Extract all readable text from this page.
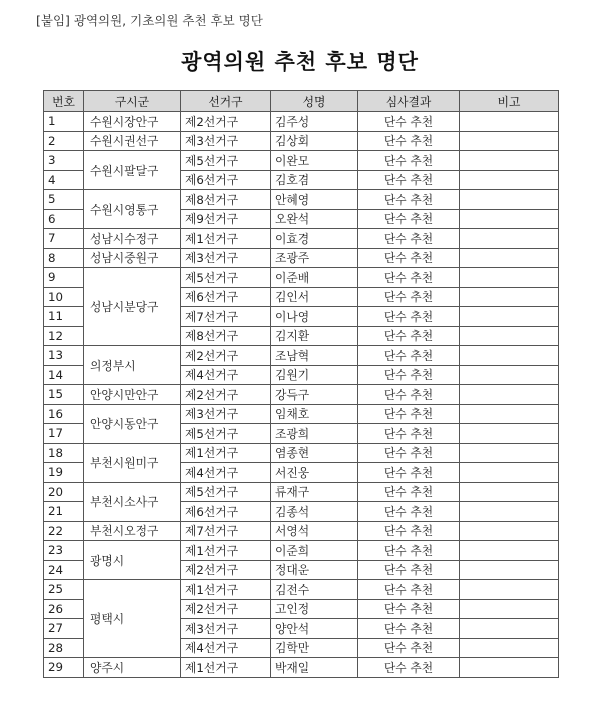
[붙임] 광역의원, 기초의원 추천 후보 명단
광역의원 추천 후보 명단
번호	구시군	선거구	성명	심사결과	비고
1	수원시장안구	제2선거구	김주성	단수 추천	
2	수원시권선구	제3선거구	김상회	단수 추천	
3	수원시팔달구	제5선거구	이완모	단수 추천	
4		제6선거구	김호겸	단수 추천	
5	수원시영통구	제8선거구	안혜영	단수 추천	
6		제9선거구	오완석	단수 추천	
7	성남시수정구	제1선거구	이효경	단수 추천	
8	성남시중원구	제3선거구	조광주	단수 추천	
9	성남시분당구	제5선거구	이준배	단수 추천	
10		제6선거구	김인서	단수 추천	
11		제7선거구	이나영	단수 추천	
12		제8선거구	김지환	단수 추천	
13	의정부시	제2선거구	조남혁	단수 추천	
14		제4선거구	김원기	단수 추천	
15	안양시만안구	제2선거구	강득구	단수 추천	
16	안양시동안구	제3선거구	임채호	단수 추천	
17		제5선거구	조광희	단수 추천	
18	부천시원미구	제1선거구	염종현	단수 추천	
19		제4선거구	서진웅	단수 추천	
20	부천시소사구	제5선거구	류재구	단수 추천	
21		제6선거구	김종석	단수 추천	
22	부천시오정구	제7선거구	서영석	단수 추천	
23	광명시	제1선거구	이준희	단수 추천	
24		제2선거구	정대운	단수 추천	
25	평택시	제1선거구	김전수	단수 추천	
26		제2선거구	고인정	단수 추천	
27		제3선거구	양안석	단수 추천	
28		제4선거구	김학만	단수 추천	
29	양주시	제1선거구	박재일	단수 추천	
